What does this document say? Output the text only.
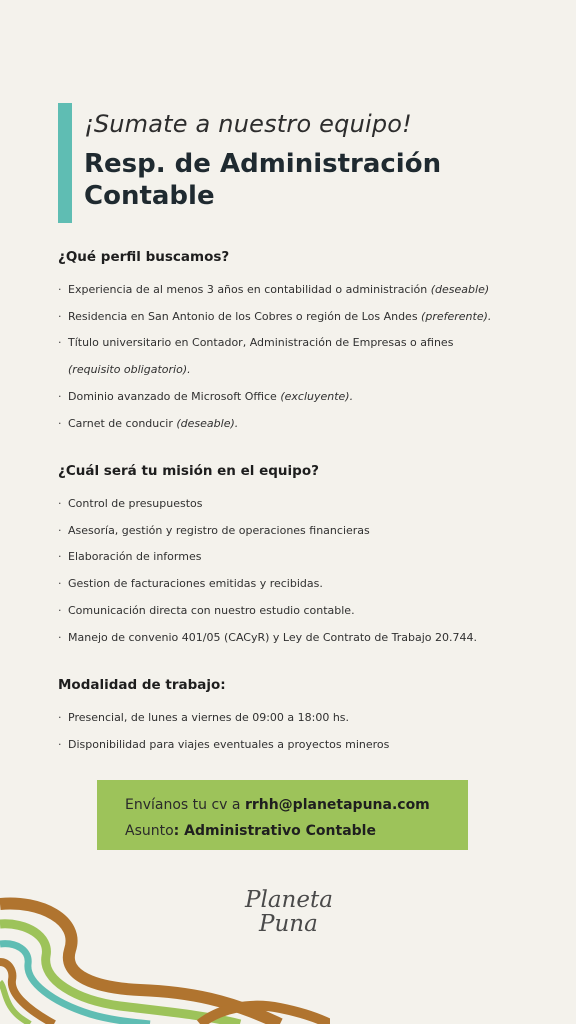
¡Sumate a nuestro equipo!
Resp. de Administración Contable
¿Qué perfil buscamos?
· Experiencia de al menos 3 años en contabilidad o administración (deseable)
· Residencia en San Antonio de los Cobres o región de Los Andes (preferente).
· Título universitario en Contador, Administración de Empresas o afines
(requisito obligatorio).
· Dominio avanzado de Microsoft Office (excluyente).
· Carnet de conducir (deseable).
¿Cuál será tu misión en el equipo?
· Control de presupuestos
· Asesoría, gestión y registro de operaciones financieras
· Elaboración de informes
· Gestion de facturaciones emitidas y recibidas.
· Comunicación directa con nuestro estudio contable.
· Manejo de convenio 401/05 (CACyR) y Ley de Contrato de Trabajo 20.744.
Modalidad de trabajo:
· Presencial, de lunes a viernes de 09:00 a 18:00 hs.
· Disponibilidad para viajes eventuales a proyectos mineros
Envíanos tu cv a rrhh@planetapuna.com
Asunto: Administrativo Contable
Planeta
Puna
